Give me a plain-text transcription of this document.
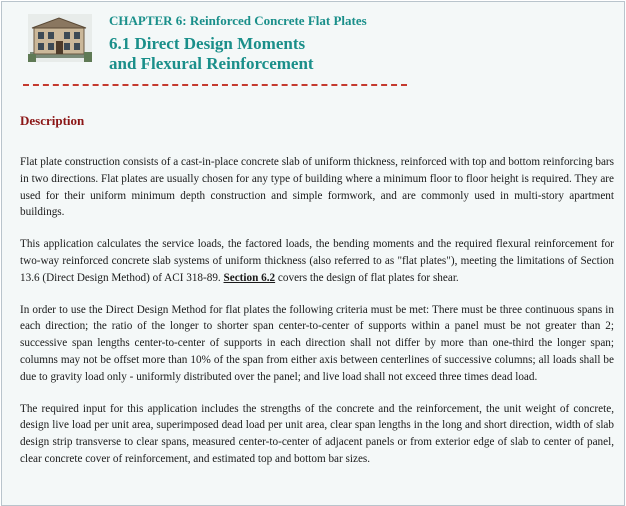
CHAPTER 6: Reinforced Concrete Flat Plates
6.1 Direct Design Moments
and Flexural Reinforcement
Description

Flat plate construction consists of a cast-in-place concrete slab of uniform thickness, reinforced with top and bottom reinforcing bars in two directions. Flat plates are usually chosen for any type of building where a minimum floor to floor height is required. They are used for their uniform minimum depth construction and simple formwork, and are commonly used in multi-story apartment buildings.

This application calculates the service loads, the factored loads, the bending moments and the required flexural reinforcement for two-way reinforced concrete slab systems of uniform thickness (also referred to as "flat plates"), meeting the limitations of Section 13.6 (Direct Design Method) of ACI 318-89. Section 6.2 covers the design of flat plates for shear.

In order to use the Direct Design Method for flat plates the following criteria must be met: There must be three continuous spans in each direction; the ratio of the longer to shorter span center-to-center of supports within a panel must be not greater than 2; successive span lengths center-to-center of supports in each direction shall not differ by more than one-third the longer span; columns may not be offset more than 10% of the span from either axis between centerlines of successive columns; all loads shall be due to gravity load only - uniformly distributed over the panel; and live load shall not exceed three times dead load.

The required input for this application includes the strengths of the concrete and the reinforcement, the unit weight of concrete, design live load per unit area, superimposed dead load per unit area, clear span lengths in the long and short direction, width of slab design strip transverse to clear spans, measured center-to-center of adjacent panels or from exterior edge of slab to center of panel, clear concrete cover of reinforcement, and estimated top and bottom bar sizes.
